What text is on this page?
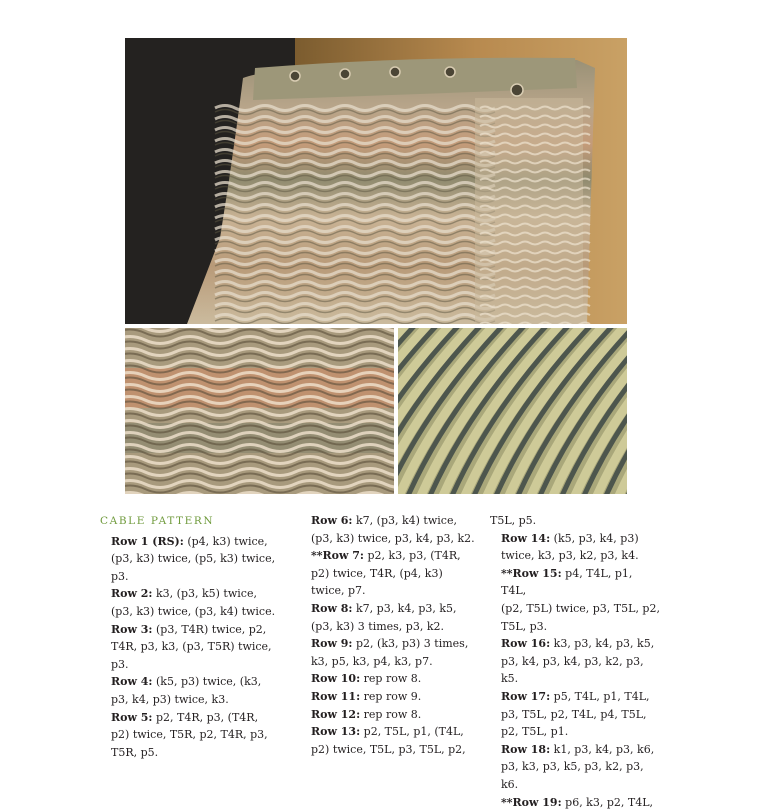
CABLE PATTERN
Row 1 (RS): (p4, k3) twice,
(p3, k3) twice, (p5, k3) twice,
p3.
Row 2: k3, (p3, k5) twice,
(p3, k3) twice, (p3, k4) twice.
Row 3: (p3, T4R) twice, p2,
T4R, p3, k3, (p3, T5R) twice,
p3.
Row 4: (k5, p3) twice, (k3,
p3, k4, p3) twice, k3.
Row 5: p2, T4R, p3, (T4R,
p2) twice, T5R, p2, T4R, p3,
T5R, p5.
Row 6: k7, (p3, k4) twice,
(p3, k3) twice, p3, k4, p3, k2.
**Row 7: p2, k3, p3, (T4R,
p2) twice, T4R, (p4, k3)
twice, p7.
Row 8: k7, p3, k4, p3, k5,
(p3, k3) 3 times, p3, k2.
Row 9: p2, (k3, p3) 3 times,
k3, p5, k3, p4, k3, p7.
Row 10: rep row 8.
Row 11: rep row 9.
Row 12: rep row 8.
Row 13: p2, T5L, p1, (T4L,
p2) twice, T5L, p3, T5L, p2,
T5L, p5.
Row 14: (k5, p3, k4, p3)
twice, k3, p3, k2, p3, k4.
**Row 15: p4, T4L, p1, T4L,
(p2, T5L) twice, p3, T5L, p2,
T5L, p3.
Row 16: k3, p3, k4, p3, k5,
p3, k4, p3, k4, p3, k2, p3, k5.
Row 17: p5, T4L, p1, T4L,
p3, T5L, p2, T4L, p4, T5L,
p2, T5L, p1.
Row 18: k1, p3, k4, p3, k6,
p3, k3, p3, k5, p3, k2, p3, k6.
**Row 19: p6, k3, p2, T4L,
